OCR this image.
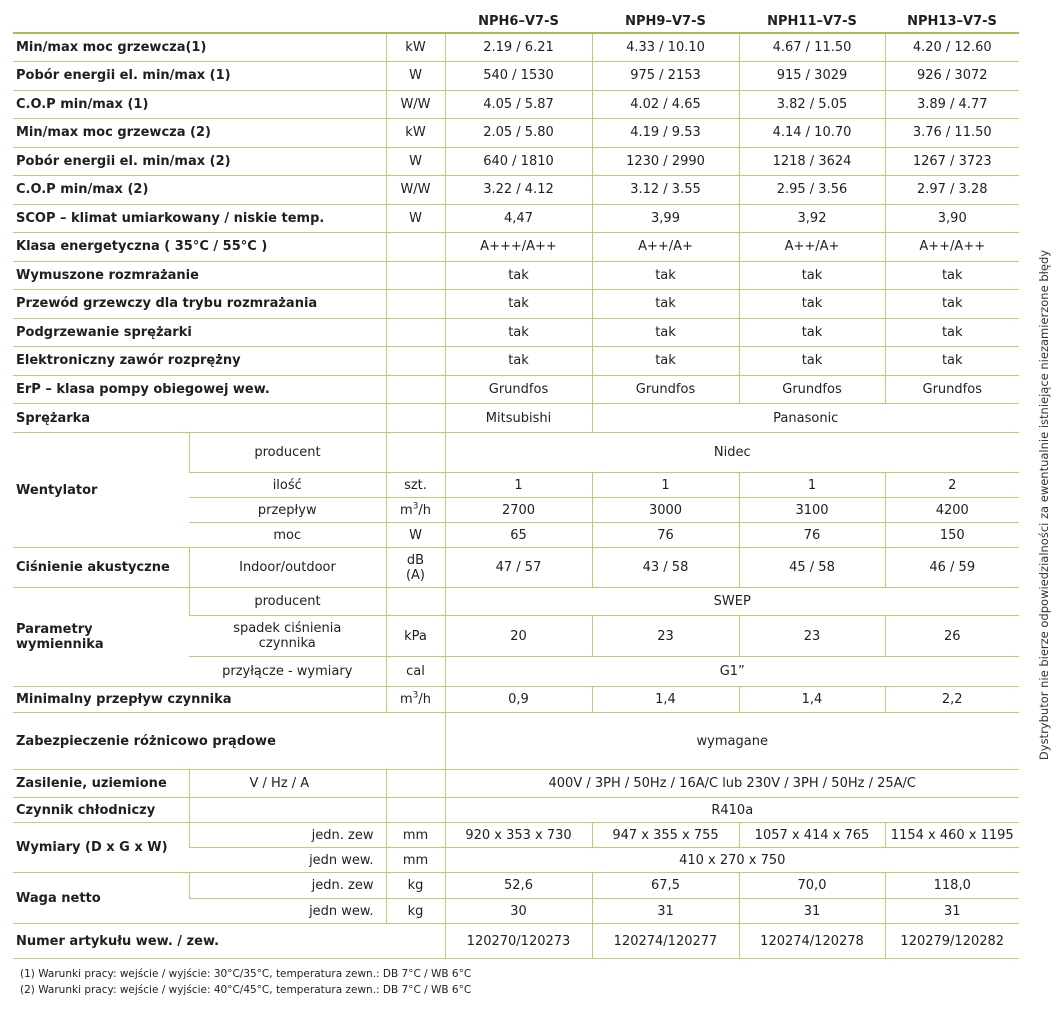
			NPH6–V7-S	NPH9–V7-S	NPH11–V7-S	NPH13–V7-S
Min/max moc grzewcza(1)		kW	2.19 / 6.21	4.33 / 10.10	4.67 / 11.50	4.20 / 12.60
Pobór energii el. min/max (1)		W	540 / 1530	975 / 2153	915 / 3029	926 / 3072
C.O.P min/max (1)		W/W	4.05 / 5.87	4.02 / 4.65	3.82 / 5.05	3.89 / 4.77
Min/max moc grzewcza (2)		kW	2.05 / 5.80	4.19 / 9.53	4.14 / 10.70	3.76 / 11.50
Pobór energii el. min/max (2)		W	640 / 1810	1230 / 2990	1218 / 3624	1267 / 3723
C.O.P min/max (2)		W/W	3.22 / 4.12	3.12 / 3.55	2.95 / 3.56	2.97 / 3.28
SCOP – klimat umiarkowany / niskie temp.		W	4,47	3,99	3,92	3,90
Klasa energetyczna ( 35°C / 55°C )			A+++/A++	A++/A+	A++/A+	A++/A++
Wymuszone rozmrażanie			tak	tak	tak	tak
Przewód grzewczy dla trybu rozmrażania			tak	tak	tak	tak
Podgrzewanie sprężarki			tak	tak	tak	tak
Elektroniczny zawór rozprężny			tak	tak	tak	tak
ErP – klasa pompy obiegowej wew.			Grundfos	Grundfos	Grundfos	Grundfos
Sprężarka			Mitsubishi	Panasonic		
Wentylator	producent		Nidec			
	ilość	szt.	1	1	1	2
	przepływ	$m^3/h$	2700	3000	3100	4200
	moc	W	65	76	76	150
Ciśnienie akustyczne	Indoor/outdoor	dB (A)	47 / 57	43 / 58	45 / 58	46 / 59
Parametry wymiennika	producent		SWEP			
	spadek ciśnienia czynnika	kPa	20	23	23	26
	przyłącze - wymiary	cal	G1”			
Minimalny przepływ czynnika		$m^3/h$	0,9	1,4	1,4	2,2
Zabezpieczenie różnicowo prądowe			wymagane			
Zasilenie, uziemione	V / Hz / A		400V / 3PH / 50Hz / 16A/C lub 230V / 3PH / 50Hz / 25A/C			
Czynnik chłodniczy			R410a			
Wymiary (D x G x W)	jedn. zew	mm	920 x 353 x 730	947 x 355 x 755	1057 x 414 x 765	1154 x 460 x 1195
	jedn wew.	mm	410 x 270 x 750			
Waga netto	jedn. zew	kg	52,6	67,5	70,0	118,0
	jedn wew.	kg	30	31	31	31
Numer artykułu wew. / zew.			120270/120273	120274/120277	120274/120278	120279/120282
(1) Warunki pracy: wejście / wyjście: 30°C/35°C, temperatura zewn.: DB 7°C / WB 6°C
(2) Warunki pracy: wejście / wyjście: 40°C/45°C, temperatura zewn.: DB 7°C / WB 6°C
Dystrybutor nie bierze odpowiedzialności za ewentualnie istniejące niezamierzone błędy
